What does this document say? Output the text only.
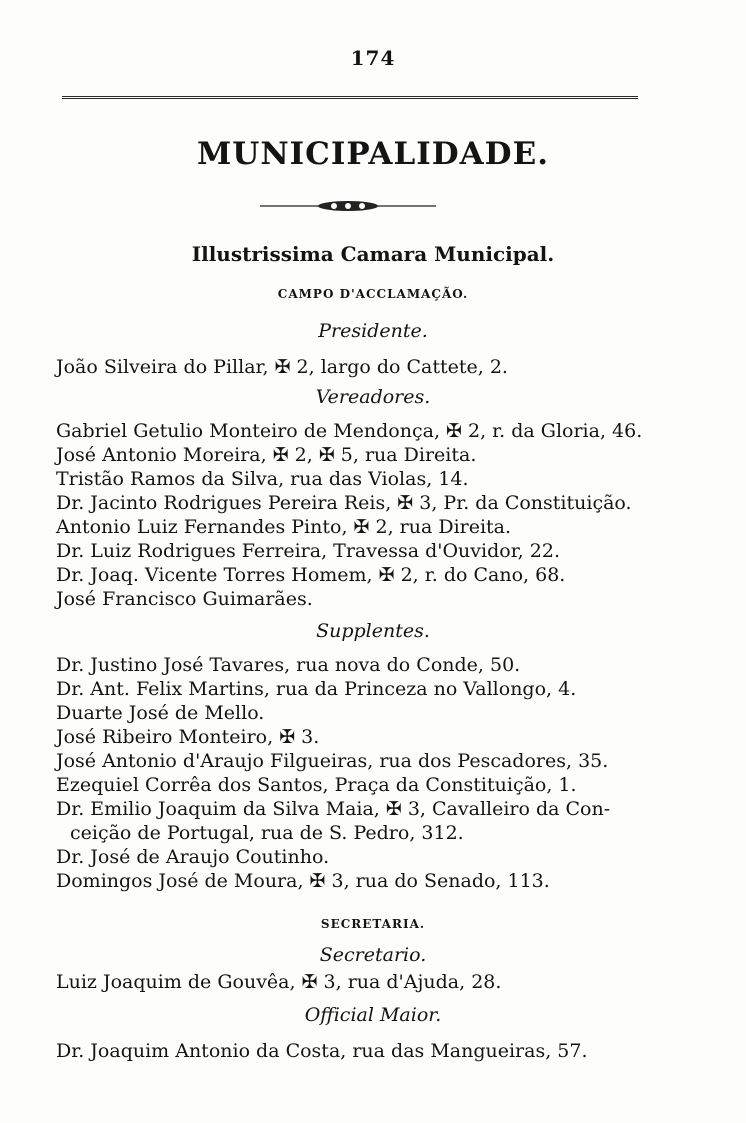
174
MUNICIPALIDADE.
Illustrissima Camara Municipal.
CAMPO D'ACCLAMAÇÃO.
Presidente.
João Silveira do Pillar, ✠ 2, largo do Cattete, 2.
Vereadores.
Gabriel Getulio Monteiro de Mendonça, ✠ 2, r. da Gloria, 46.
José Antonio Moreira, ✠ 2, ✠ 5, rua Direita.
Tristão Ramos da Silva, rua das Violas, 14.
Dr. Jacinto Rodrigues Pereira Reis, ✠ 3, Pr. da Constituição.
Antonio Luiz Fernandes Pinto, ✠ 2, rua Direita.
Dr. Luiz Rodrigues Ferreira, Travessa d'Ouvidor, 22.
Dr. Joaq. Vicente Torres Homem, ✠ 2, r. do Cano, 68.
José Francisco Guimarães.
Supplentes.
Dr. Justino José Tavares, rua nova do Conde, 50.
Dr. Ant. Felix Martins, rua da Princeza no Vallongo, 4.
Duarte José de Mello.
José Ribeiro Monteiro, ✠ 3.
José Antonio d'Araujo Filgueiras, rua dos Pescadores, 35.
Ezequiel Corrêa dos Santos, Praça da Constituição, 1.
Dr. Emilio Joaquim da Silva Maia, ✠ 3, Cavalleiro da Con-
ceição de Portugal, rua de S. Pedro, 312.
Dr. José de Araujo Coutinho.
Domingos José de Moura, ✠ 3, rua do Senado, 113.
SECRETARIA.
Secretario.
Luiz Joaquim de Gouvêa, ✠ 3, rua d'Ajuda, 28.
Official Maior.
Dr. Joaquim Antonio da Costa, rua das Mangueiras, 57.
